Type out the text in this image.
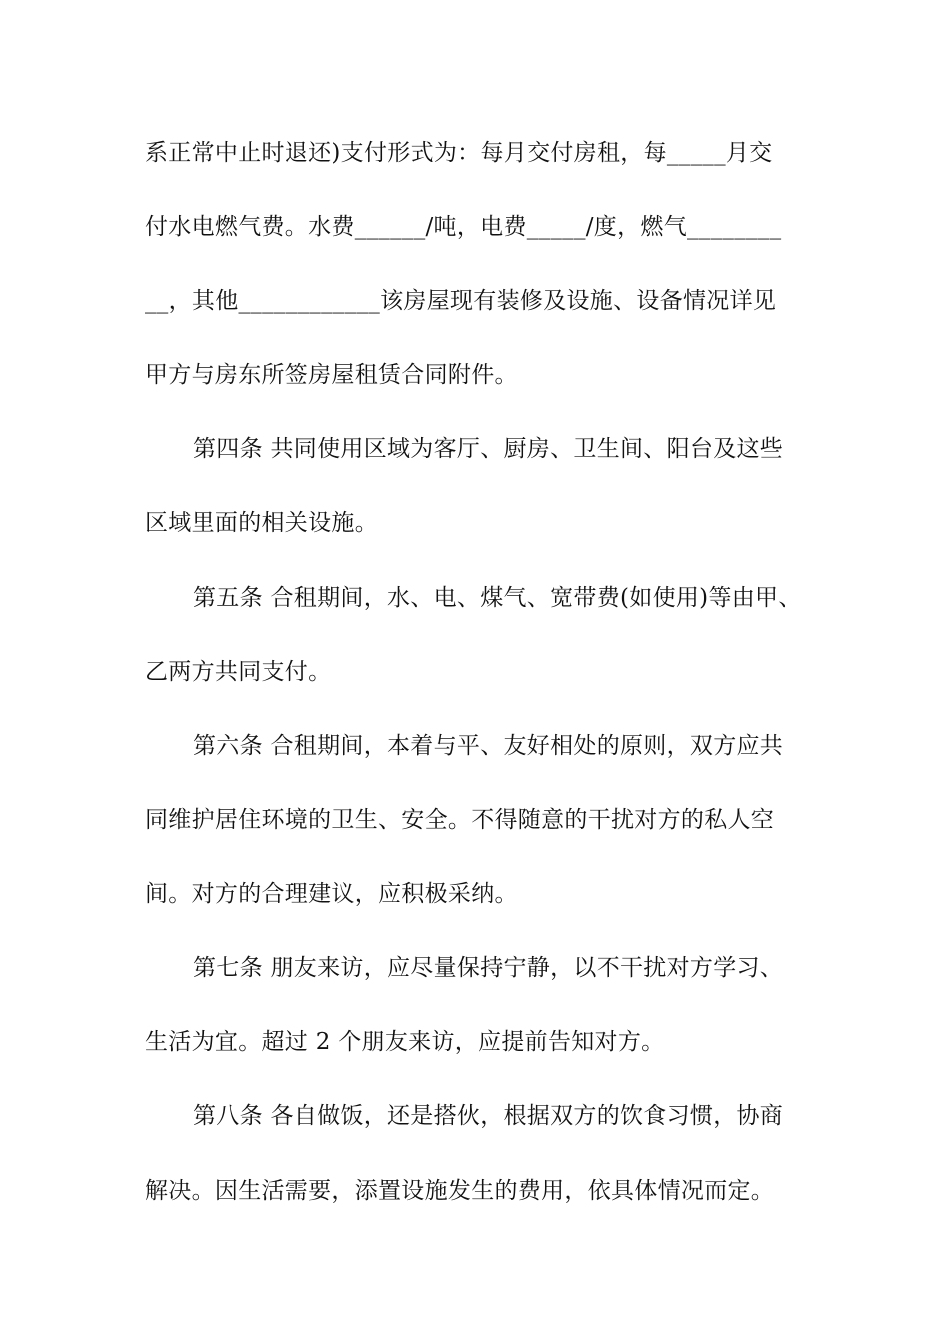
系正常中止时退还)支付形式为：每月交付房租，每_____月交
付水电燃气费。水费______/吨，电费_____/度，燃气________
__，其他____________该房屋现有装修及设施、设备情况详见
甲方与房东所签房屋租赁合同附件。
第四条 共同使用区域为客厅、厨房、卫生间、阳台及这些
区域里面的相关设施。
第五条 合租期间，水、电、煤气、宽带费(如使用)等由甲、
乙两方共同支付。
第六条 合租期间，本着与平、友好相处的原则，双方应共
同维护居住环境的卫生、安全。不得随意的干扰对方的私人空
间。对方的合理建议，应积极采纳。
第七条 朋友来访，应尽量保持宁静，以不干扰对方学习、
生活为宜。超过 2 个朋友来访，应提前告知对方。
第八条 各自做饭，还是搭伙，根据双方的饮食习惯，协商
解决。因生活需要，添置设施发生的费用，依具体情况而定。
